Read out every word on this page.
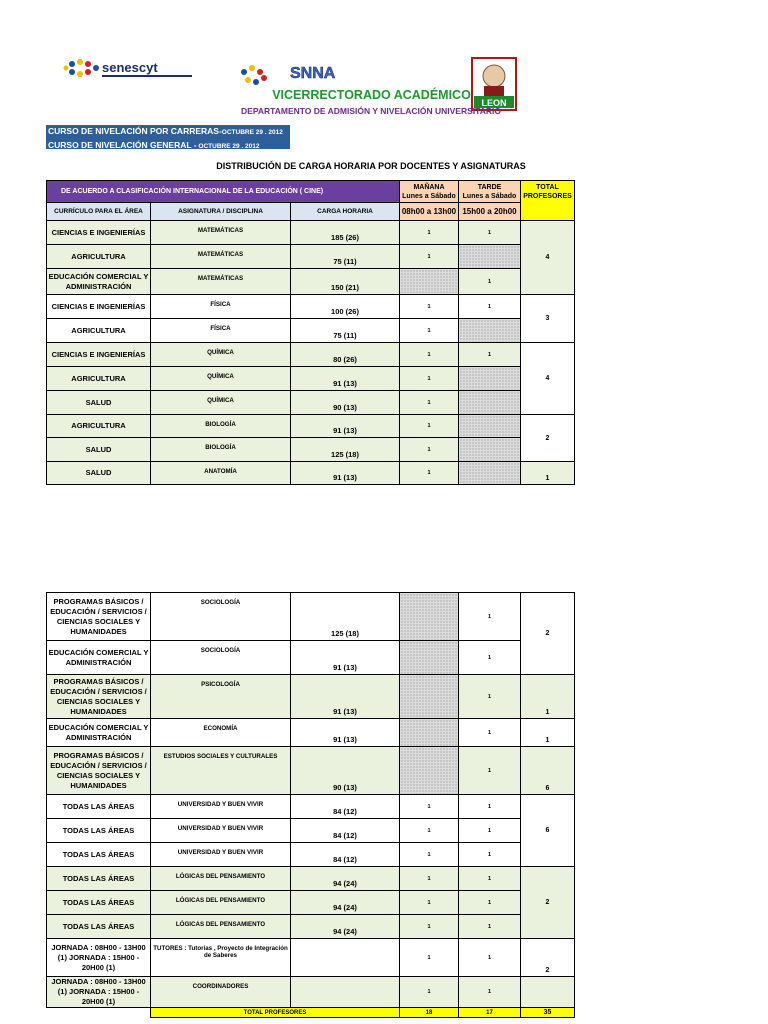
senescyt	SNNA
LEON
VICERRECTORADO ACADÉMICO
DEPARTAMENTO DE ADMISIÓN Y NIVELACIÓN UNIVERSITARIO
CURSO DE NIVELACIÓN POR CARRERAS-OCTUBRE 29 . 2012
CURSO DE NIVELACIÓN GENERAL - OCTUBRE 29 . 2012
DISTRIBUCIÓN DE CARGA HORARIA POR DOCENTES Y ASIGNATURAS
DE ACUERDO A CLASIFICACIÓN INTERNACIONAL DE LA EDUCACIÓN ( CINE)			MAÑANA
Lunes a Sábado	TARDE
Lunes a Sábado	TOTAL PROFESORES
CURRÍCULO PARA EL ÁREA	ASIGNATURA / DISCIPLINA	CARGA HORARIA	08h00 a 13h00	15h00 a 20h00	
CIENCIAS E INGENIERÍAS	MATEMÁTICAS	185 (26)	1	1	4
AGRICULTURA	MATEMÁTICAS	75 (11)	1		
EDUCACIÓN COMERCIAL Y ADMINISTRACIÓN	MATEMÁTICAS	150 (21)		1	
CIENCIAS E INGENIERÍAS	FÍSICA	100 (26)	1	1	3
AGRICULTURA	FÍSICA	75 (11)	1		
CIENCIAS E INGENIERÍAS	QUÍMICA	80 (26)	1	1	4
AGRICULTURA	QUÍMICA	91 (13)	1		
SALUD	QUÍMICA	90 (13)	1		
AGRICULTURA	BIOLOGÍA	91 (13)	1		2
SALUD	BIOLOGÍA	125 (18)	1		
SALUD	ANATOMÍA	91 (13)	1		1
PROGRAMAS BÁSICOS / EDUCACIÓN / SERVICIOS / CIENCIAS SOCIALES Y HUMANIDADES	SOCIOLOGÍA	125 (18)		1	2
EDUCACIÓN COMERCIAL Y ADMINISTRACIÓN	SOCIOLOGÍA	91 (13)		1	
PROGRAMAS BÁSICOS / EDUCACIÓN / SERVICIOS / CIENCIAS SOCIALES Y HUMANIDADES	PSICOLOGÍA	91 (13)		1	1
EDUCACIÓN COMERCIAL Y ADMINISTRACIÓN	ECONOMÍA	91 (13)		1	1
PROGRAMAS BÁSICOS / EDUCACIÓN / SERVICIOS / CIENCIAS SOCIALES Y HUMANIDADES	ESTUDIOS SOCIALES Y CULTURALES	90 (13)		1	6
TODAS LAS ÁREAS	UNIVERSIDAD Y BUEN VIVIR	84 (12)	1	1	6
TODAS LAS ÁREAS	UNIVERSIDAD Y BUEN VIVIR	84 (12)	1	1	
TODAS LAS ÁREAS	UNIVERSIDAD Y BUEN VIVIR	84 (12)	1	1	
TODAS LAS ÁREAS	LÓGICAS DEL PENSAMIENTO	94 (24)	1	1	2
TODAS LAS ÁREAS	LÓGICAS DEL PENSAMIENTO	94 (24)	1	1	
TODAS LAS ÁREAS	LÓGICAS DEL PENSAMIENTO	94 (24)	1	1	
JORNADA : 08H00 - 13H00 (1) JORNADA : 15H00 - 20H00 (1)	TUTORES : Tutorías , Proyecto de Integración de Saberes		1	1	2
JORNADA : 08H00 - 13H00 (1) JORNADA : 15H00 - 20H00 (1)	COORDINADORES		1	1	
	TOTAL PROFESORES		18	17	35
